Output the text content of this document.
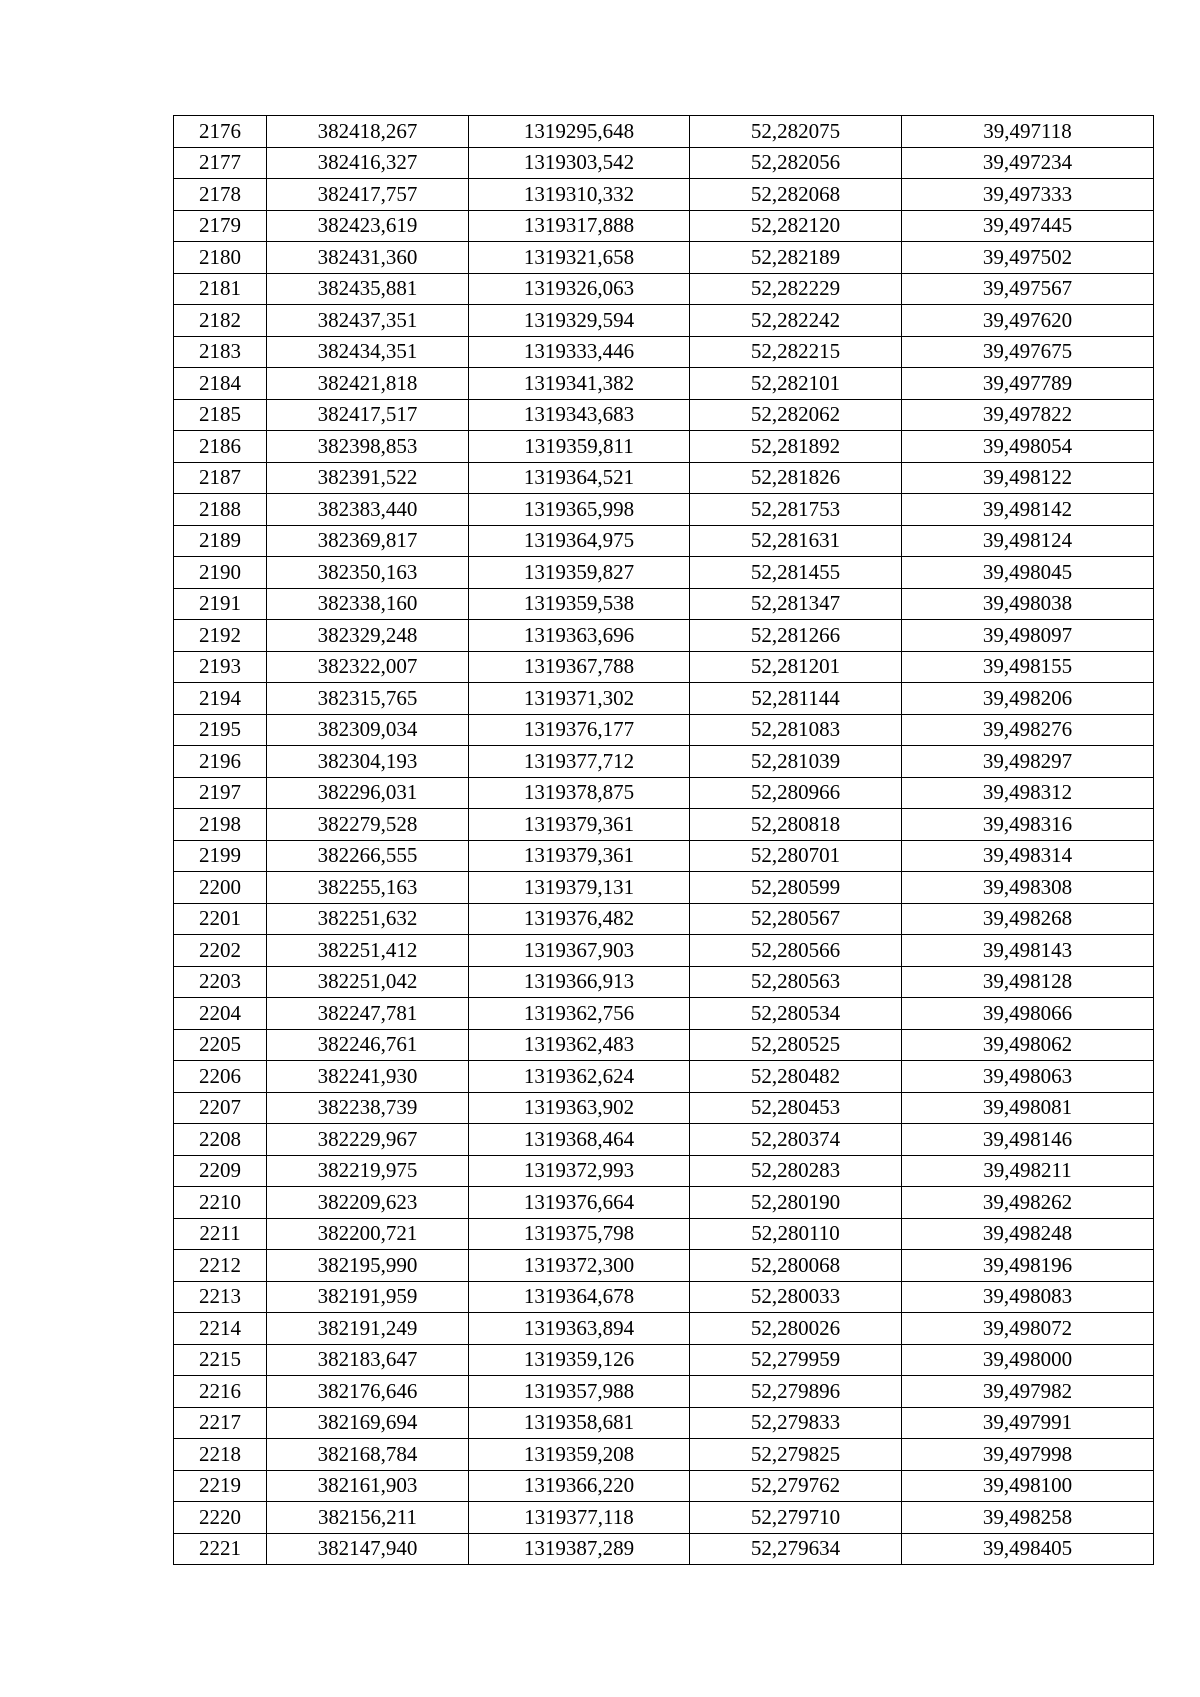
2176	382418,267	1319295,648	52,282075	39,497118
2177	382416,327	1319303,542	52,282056	39,497234
2178	382417,757	1319310,332	52,282068	39,497333
2179	382423,619	1319317,888	52,282120	39,497445
2180	382431,360	1319321,658	52,282189	39,497502
2181	382435,881	1319326,063	52,282229	39,497567
2182	382437,351	1319329,594	52,282242	39,497620
2183	382434,351	1319333,446	52,282215	39,497675
2184	382421,818	1319341,382	52,282101	39,497789
2185	382417,517	1319343,683	52,282062	39,497822
2186	382398,853	1319359,811	52,281892	39,498054
2187	382391,522	1319364,521	52,281826	39,498122
2188	382383,440	1319365,998	52,281753	39,498142
2189	382369,817	1319364,975	52,281631	39,498124
2190	382350,163	1319359,827	52,281455	39,498045
2191	382338,160	1319359,538	52,281347	39,498038
2192	382329,248	1319363,696	52,281266	39,498097
2193	382322,007	1319367,788	52,281201	39,498155
2194	382315,765	1319371,302	52,281144	39,498206
2195	382309,034	1319376,177	52,281083	39,498276
2196	382304,193	1319377,712	52,281039	39,498297
2197	382296,031	1319378,875	52,280966	39,498312
2198	382279,528	1319379,361	52,280818	39,498316
2199	382266,555	1319379,361	52,280701	39,498314
2200	382255,163	1319379,131	52,280599	39,498308
2201	382251,632	1319376,482	52,280567	39,498268
2202	382251,412	1319367,903	52,280566	39,498143
2203	382251,042	1319366,913	52,280563	39,498128
2204	382247,781	1319362,756	52,280534	39,498066
2205	382246,761	1319362,483	52,280525	39,498062
2206	382241,930	1319362,624	52,280482	39,498063
2207	382238,739	1319363,902	52,280453	39,498081
2208	382229,967	1319368,464	52,280374	39,498146
2209	382219,975	1319372,993	52,280283	39,498211
2210	382209,623	1319376,664	52,280190	39,498262
2211	382200,721	1319375,798	52,280110	39,498248
2212	382195,990	1319372,300	52,280068	39,498196
2213	382191,959	1319364,678	52,280033	39,498083
2214	382191,249	1319363,894	52,280026	39,498072
2215	382183,647	1319359,126	52,279959	39,498000
2216	382176,646	1319357,988	52,279896	39,497982
2217	382169,694	1319358,681	52,279833	39,497991
2218	382168,784	1319359,208	52,279825	39,497998
2219	382161,903	1319366,220	52,279762	39,498100
2220	382156,211	1319377,118	52,279710	39,498258
2221	382147,940	1319387,289	52,279634	39,498405
